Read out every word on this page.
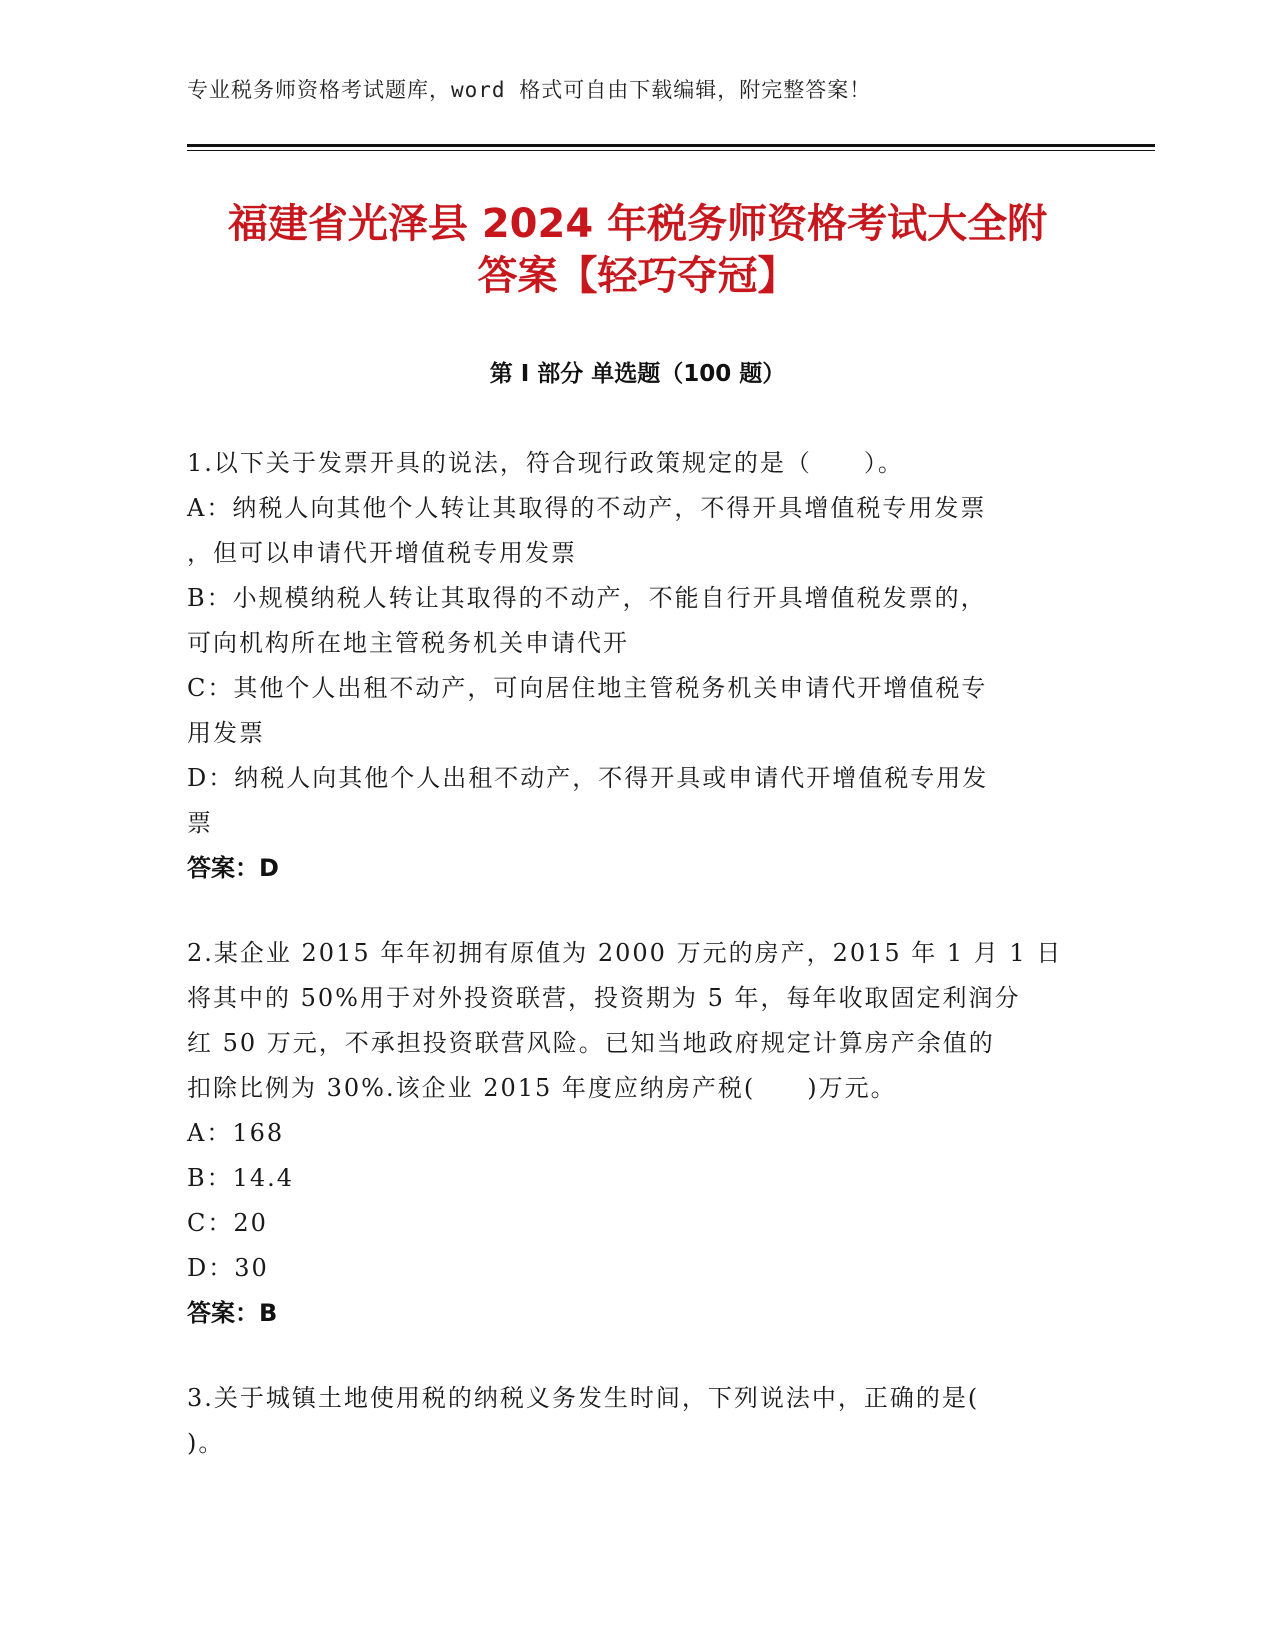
专业税务师资格考试题库，word 格式可自由下载编辑，附完整答案！
福建省光泽县 2024 年税务师资格考试大全附
答案【轻巧夺冠】
第 I 部分 单选题（100 题）
1.以下关于发票开具的说法，符合现行政策规定的是（　　）。
A：纳税人向其他个人转让其取得的不动产，不得开具增值税专用发票
，但可以申请代开增值税专用发票
B：小规模纳税人转让其取得的不动产，不能自行开具增值税发票的，
可向机构所在地主管税务机关申请代开
C：其他个人出租不动产，可向居住地主管税务机关申请代开增值税专
用发票
D：纳税人向其他个人出租不动产，不得开具或申请代开增值税专用发
票
答案：D
2.某企业 2015 年年初拥有原值为 2000 万元的房产，2015 年 1 月 1 日
将其中的 50%用于对外投资联营，投资期为 5 年，每年收取固定利润分
红 50 万元，不承担投资联营风险。已知当地政府规定计算房产余值的
扣除比例为 30%.该企业 2015 年度应纳房产税(　　)万元。
A：168
B：14.4
C：20
D：30
答案：B
3.关于城镇土地使用税的纳税义务发生时间，下列说法中，正确的是(
)。
